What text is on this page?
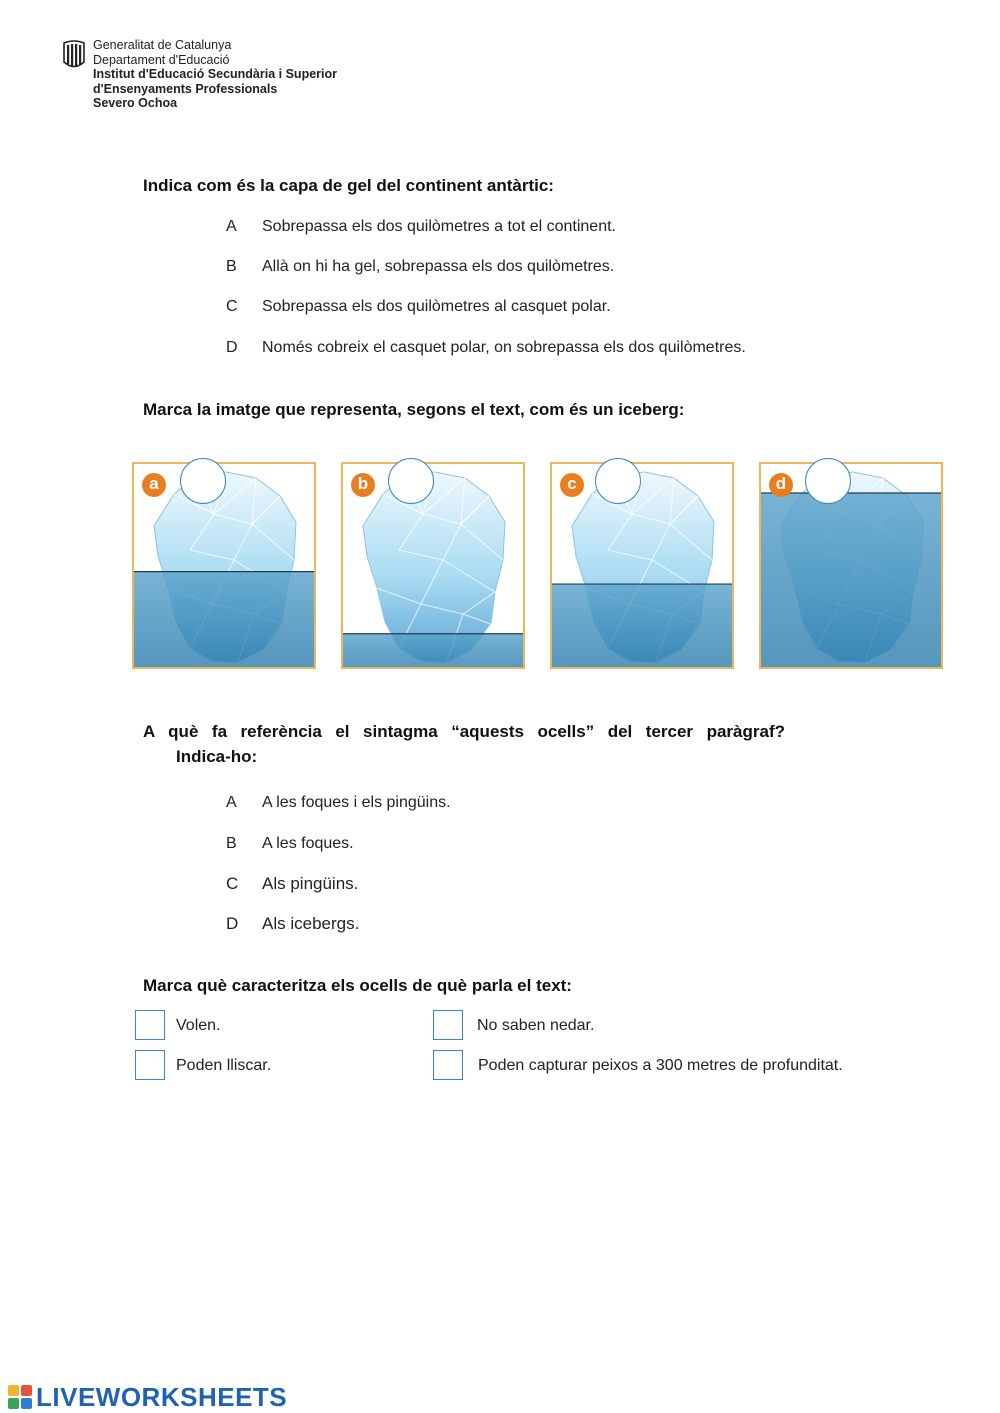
Generalitat de Catalunya
Departament d'Educació
Institut d'Educació Secundària i Superior
d'Ensenyaments Professionals
Severo Ochoa
Indica com és la capa de gel del continent antàrtic:
A Sobrepassa els dos quilòmetres a tot el continent.
B Allà on hi ha gel, sobrepassa els dos quilòmetres.
C Sobrepassa els dos quilòmetres al casquet polar.
D Només cobreix el casquet polar, on sobrepassa els dos quilòmetres.
Marca la imatge que representa, segons el text, com és un iceberg:
a	b	c	d
A què fa referència el sintagma “aquests ocells” del tercer paràgraf?
Indica-ho:
A A les foques i els pingüins.
B A les foques.
C Als pingüins.
D Als icebergs.
Marca què caracteritza els ocells de què parla el text:
Volen.	No saben nedar.
Poden lliscar.	Poden capturar peixos a 300 metres de profunditat.
LIVEWORKSHEETS
